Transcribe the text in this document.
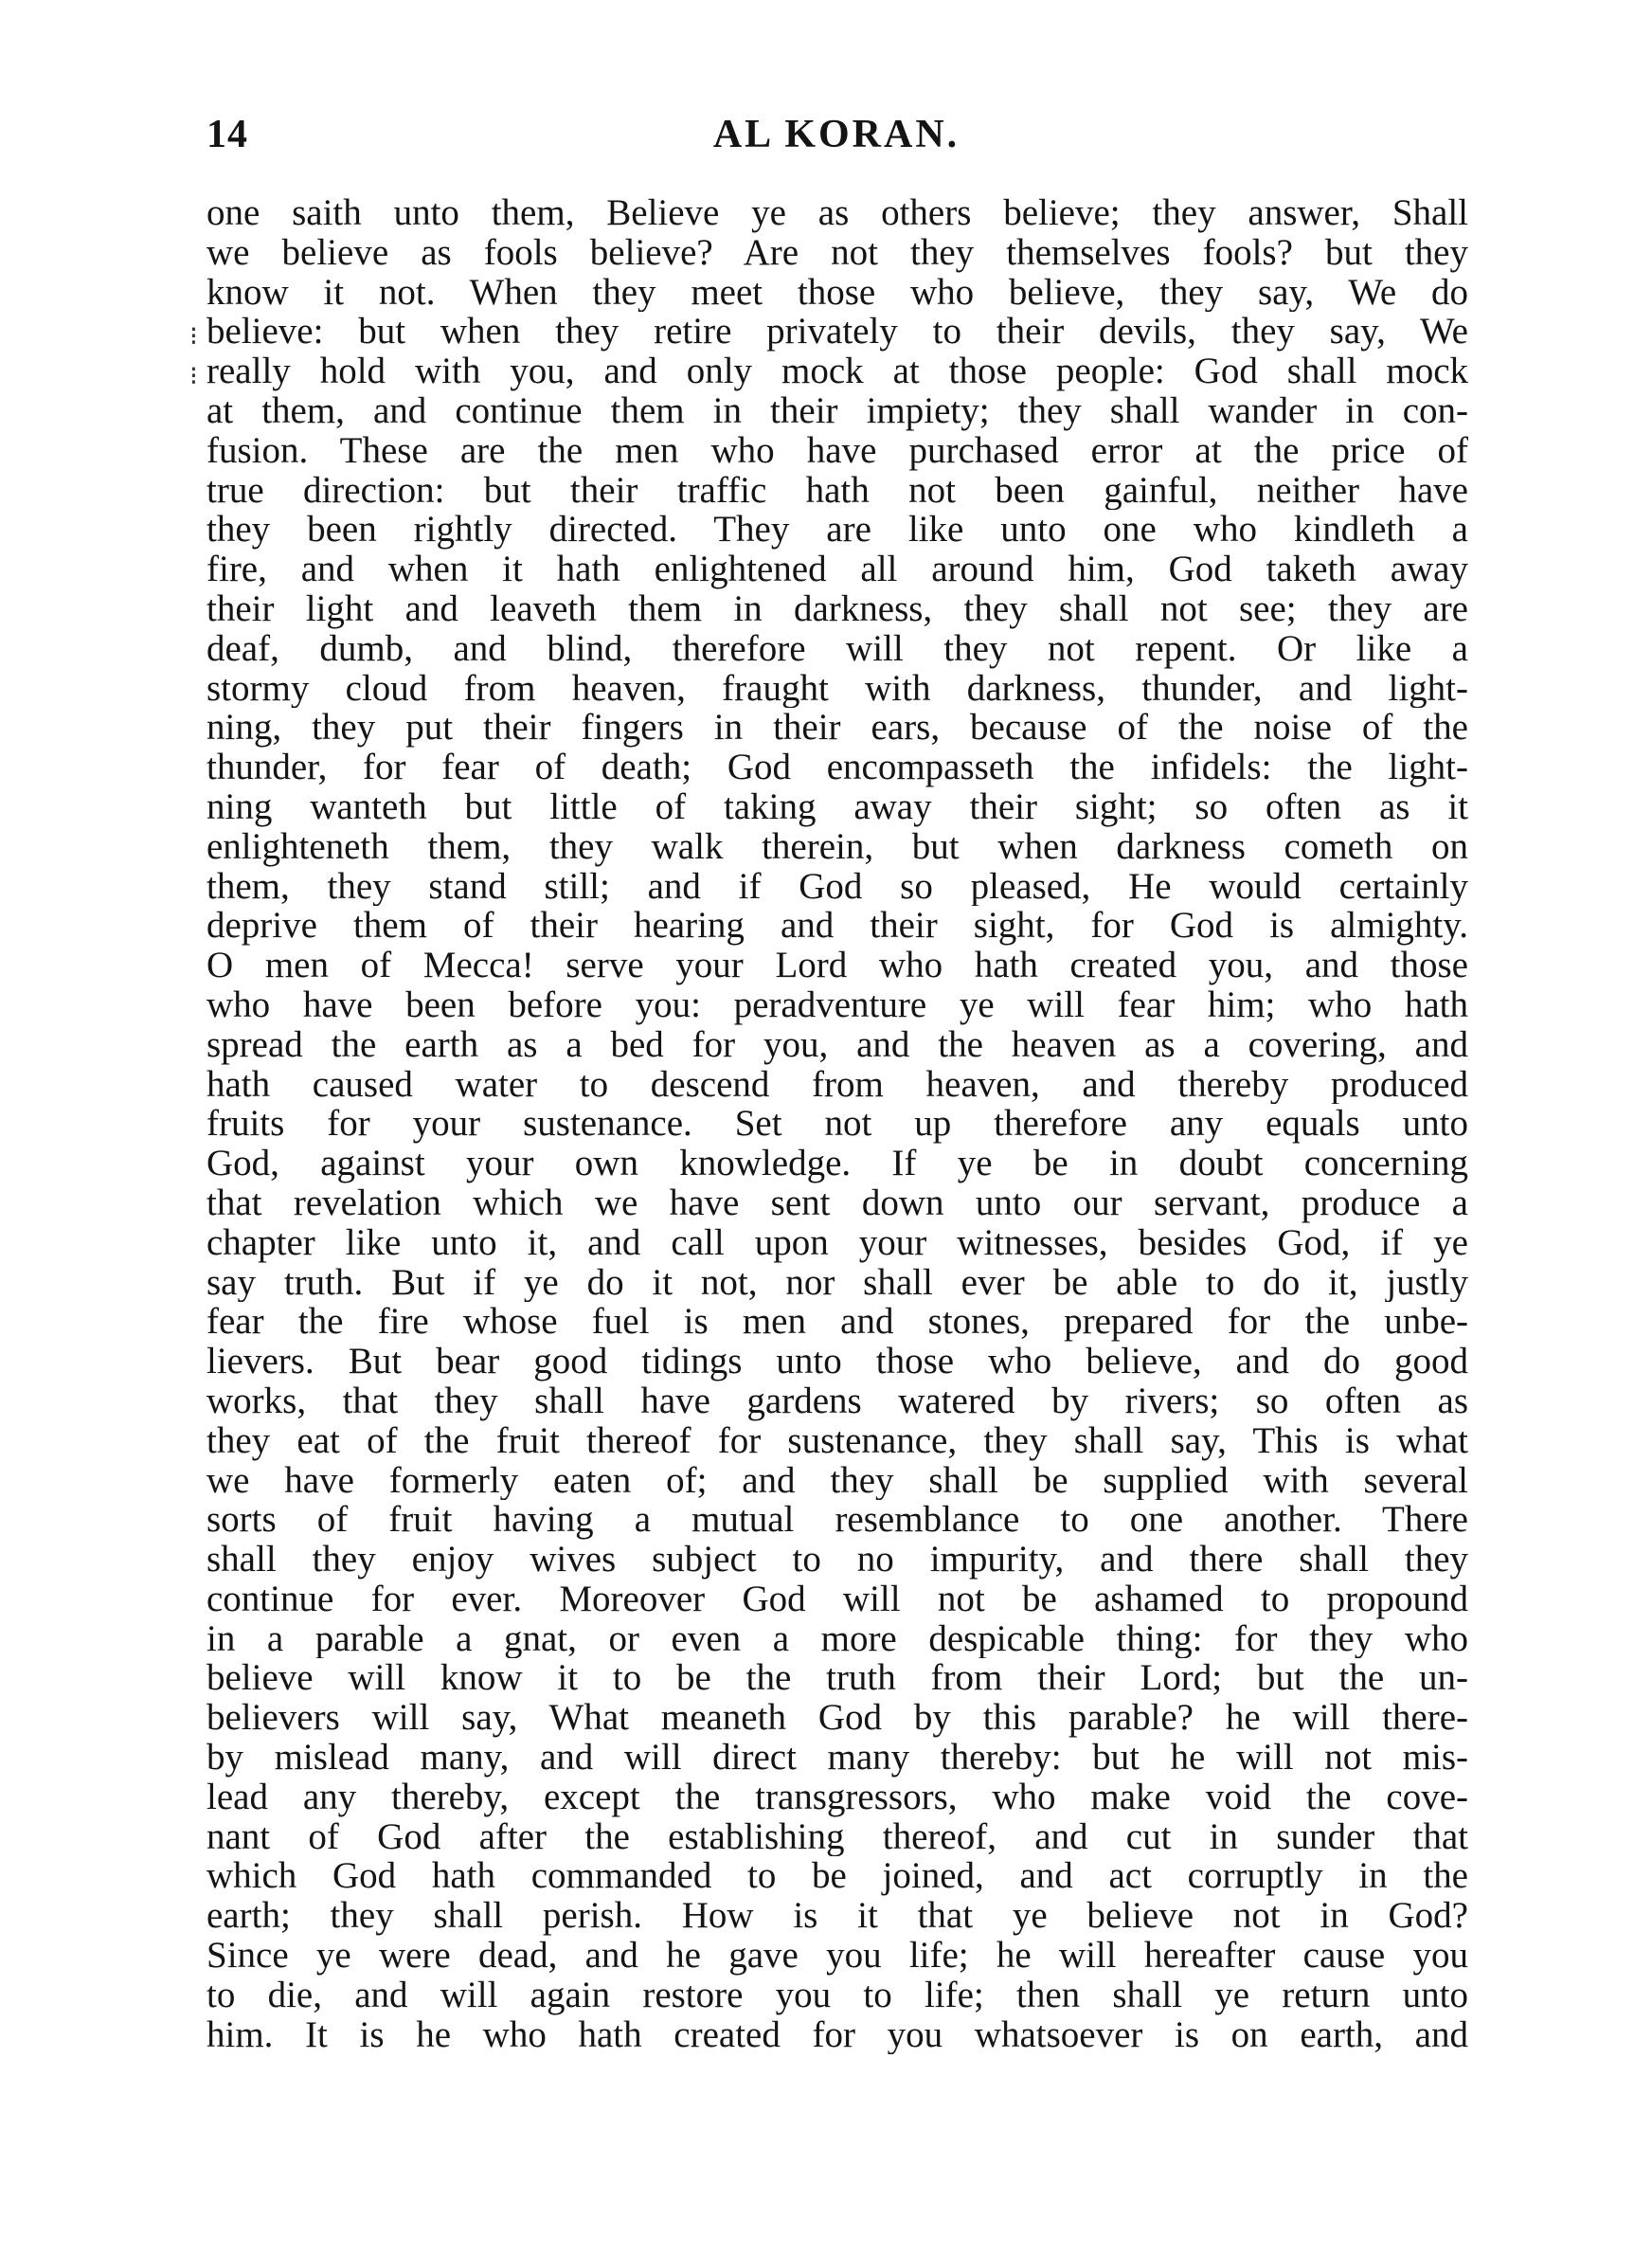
14	AL KORAN.
one saith unto them, Believe ye as others believe; they answer, Shall
we believe as fools believe? Are not they themselves fools? but they
know it not. When they meet those who believe, they say, We do
believe: but when they retire privately to their devils, they say, We
really hold with you, and only mock at those people: God shall mock
at them, and continue them in their impiety; they shall wander in con-
fusion. These are the men who have purchased error at the price of
true direction: but their traffic hath not been gainful, neither have
they been rightly directed. They are like unto one who kindleth a
fire, and when it hath enlightened all around him, God taketh away
their light and leaveth them in darkness, they shall not see; they are
deaf, dumb, and blind, therefore will they not repent. Or like a
stormy cloud from heaven, fraught with darkness, thunder, and light-
ning, they put their fingers in their ears, because of the noise of the
thunder, for fear of death; God encompasseth the infidels: the light-
ning wanteth but little of taking away their sight; so often as it
enlighteneth them, they walk therein, but when darkness cometh on
them, they stand still; and if God so pleased, He would certainly
deprive them of their hearing and their sight, for God is almighty.
O men of Mecca! serve your Lord who hath created you, and those
who have been before you: peradventure ye will fear him; who hath
spread the earth as a bed for you, and the heaven as a covering, and
hath caused water to descend from heaven, and thereby produced
fruits for your sustenance. Set not up therefore any equals unto
God, against your own knowledge. If ye be in doubt concerning
that revelation which we have sent down unto our servant, produce a
chapter like unto it, and call upon your witnesses, besides God, if ye
say truth. But if ye do it not, nor shall ever be able to do it, justly
fear the fire whose fuel is men and stones, prepared for the unbe-
lievers. But bear good tidings unto those who believe, and do good
works, that they shall have gardens watered by rivers; so often as
they eat of the fruit thereof for sustenance, they shall say, This is what
we have formerly eaten of; and they shall be supplied with several
sorts of fruit having a mutual resemblance to one another. There
shall they enjoy wives subject to no impurity, and there shall they
continue for ever. Moreover God will not be ashamed to propound
in a parable a gnat, or even a more despicable thing: for they who
believe will know it to be the truth from their Lord; but the un-
believers will say, What meaneth God by this parable? he will there-
by mislead many, and will direct many thereby: but he will not mis-
lead any thereby, except the transgressors, who make void the cove-
nant of God after the establishing thereof, and cut in sunder that
which God hath commanded to be joined, and act corruptly in the
earth; they shall perish. How is it that ye believe not in God?
Since ye were dead, and he gave you life; he will hereafter cause you
to die, and will again restore you to life; then shall ye return unto
him. It is he who hath created for you whatsoever is on earth, and
⁝
⁝
